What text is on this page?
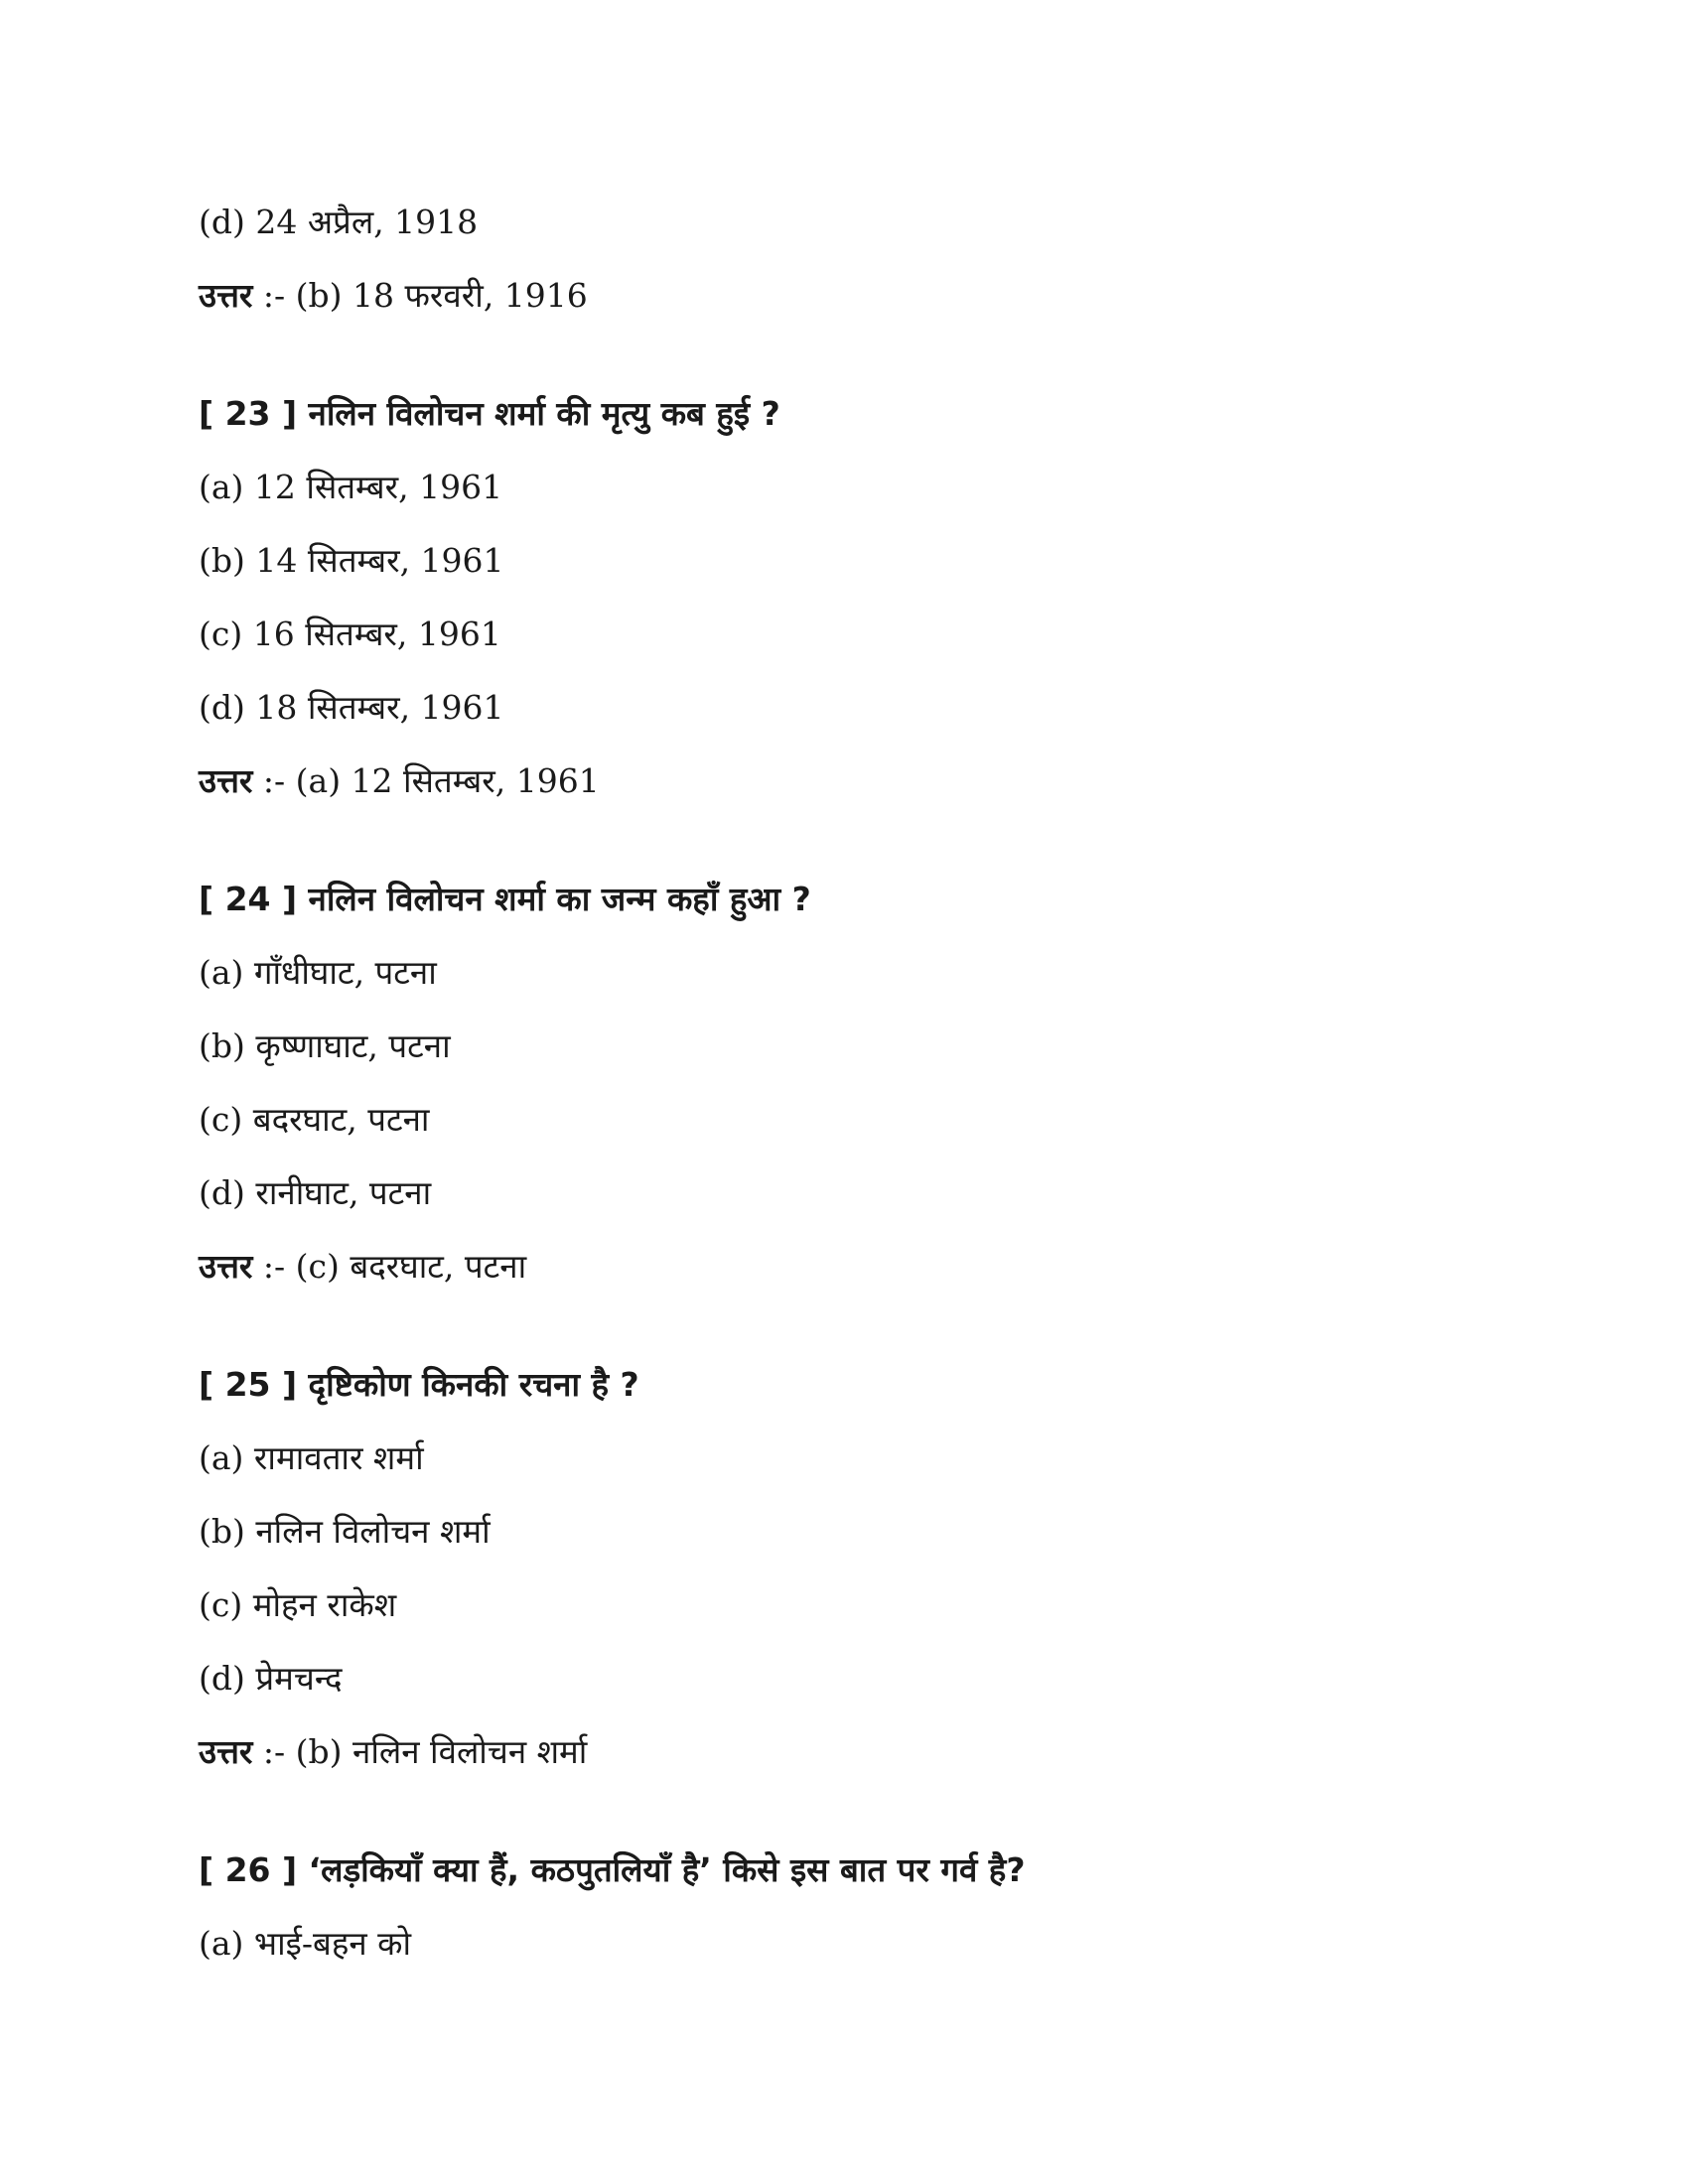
(d) 24 अप्रैल, 1918
उत्तर :- (b) 18 फरवरी, 1916
[ 23 ] नलिन विलोचन शर्मा की मृत्यु कब हुई ?
(a) 12 सितम्बर, 1961
(b) 14 सितम्बर, 1961
(c) 16 सितम्बर, 1961
(d) 18 सितम्बर, 1961
उत्तर :- (a) 12 सितम्बर, 1961
[ 24 ] नलिन विलोचन शर्मा का जन्म कहाँ हुआ ?
(a) गाँधीघाट, पटना
(b) कृष्णाघाट, पटना
(c) बदरघाट, पटना
(d) रानीघाट, पटना
उत्तर :- (c) बदरघाट, पटना
[ 25 ] दृष्टिकोण किनकी रचना है ?
(a) रामावतार शर्मा
(b) नलिन विलोचन शर्मा
(c) मोहन राकेश
(d) प्रेमचन्द
उत्तर :- (b) नलिन विलोचन शर्मा
[ 26 ] ‘लड़कियाँ क्या हैं, कठपुतलियाँ है’ किसे इस बात पर गर्व है?
(a) भाई-बहन को
